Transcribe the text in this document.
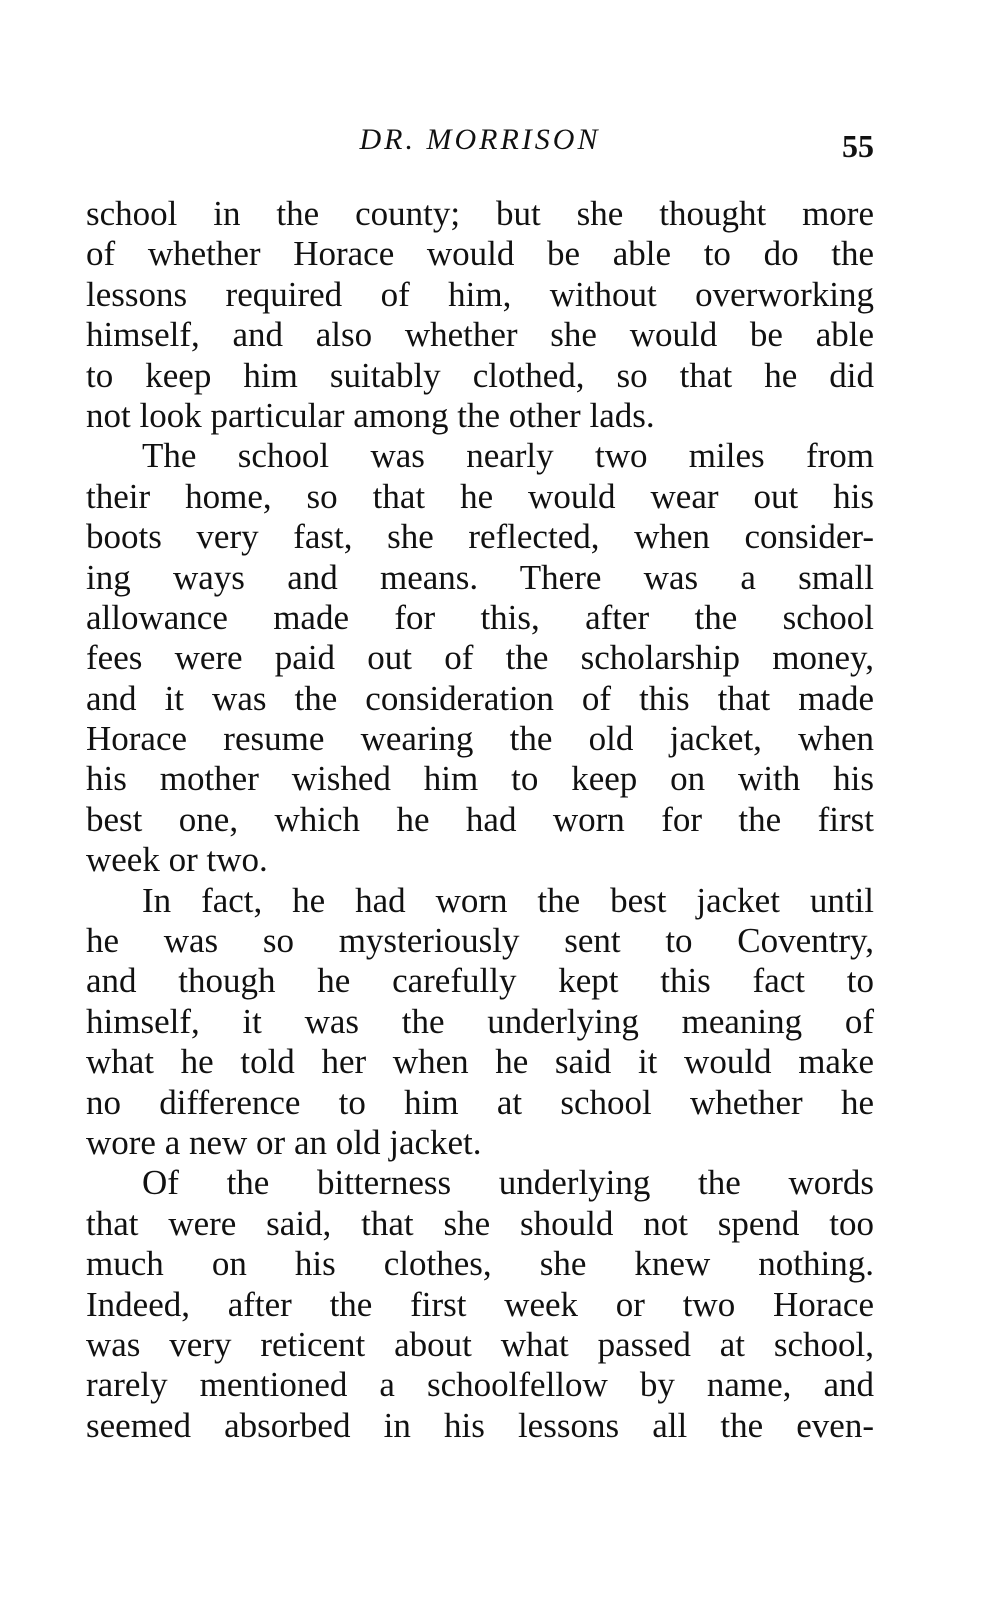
DR. MORRISON	55
school in the county; but she thought more
of whether Horace would be able to do the
lessons required of him, without overworking
himself, and also whether she would be able
to keep him suitably clothed, so that he did
not look particular among the other lads.
The school was nearly two miles from
their home, so that he would wear out his
boots very fast, she reflected, when consider-
ing ways and means. There was a small
allowance made for this, after the school
fees were paid out of the scholarship money,
and it was the consideration of this that made
Horace resume wearing the old jacket, when
his mother wished him to keep on with his
best one, which he had worn for the first
week or two.
In fact, he had worn the best jacket until
he was so mysteriously sent to Coventry,
and though he carefully kept this fact to
himself, it was the underlying meaning of
what he told her when he said it would make
no difference to him at school whether he
wore a new or an old jacket.
Of the bitterness underlying the words
that were said, that she should not spend too
much on his clothes, she knew nothing.
Indeed, after the first week or two Horace
was very reticent about what passed at school,
rarely mentioned a schoolfellow by name, and
seemed absorbed in his lessons all the even-
